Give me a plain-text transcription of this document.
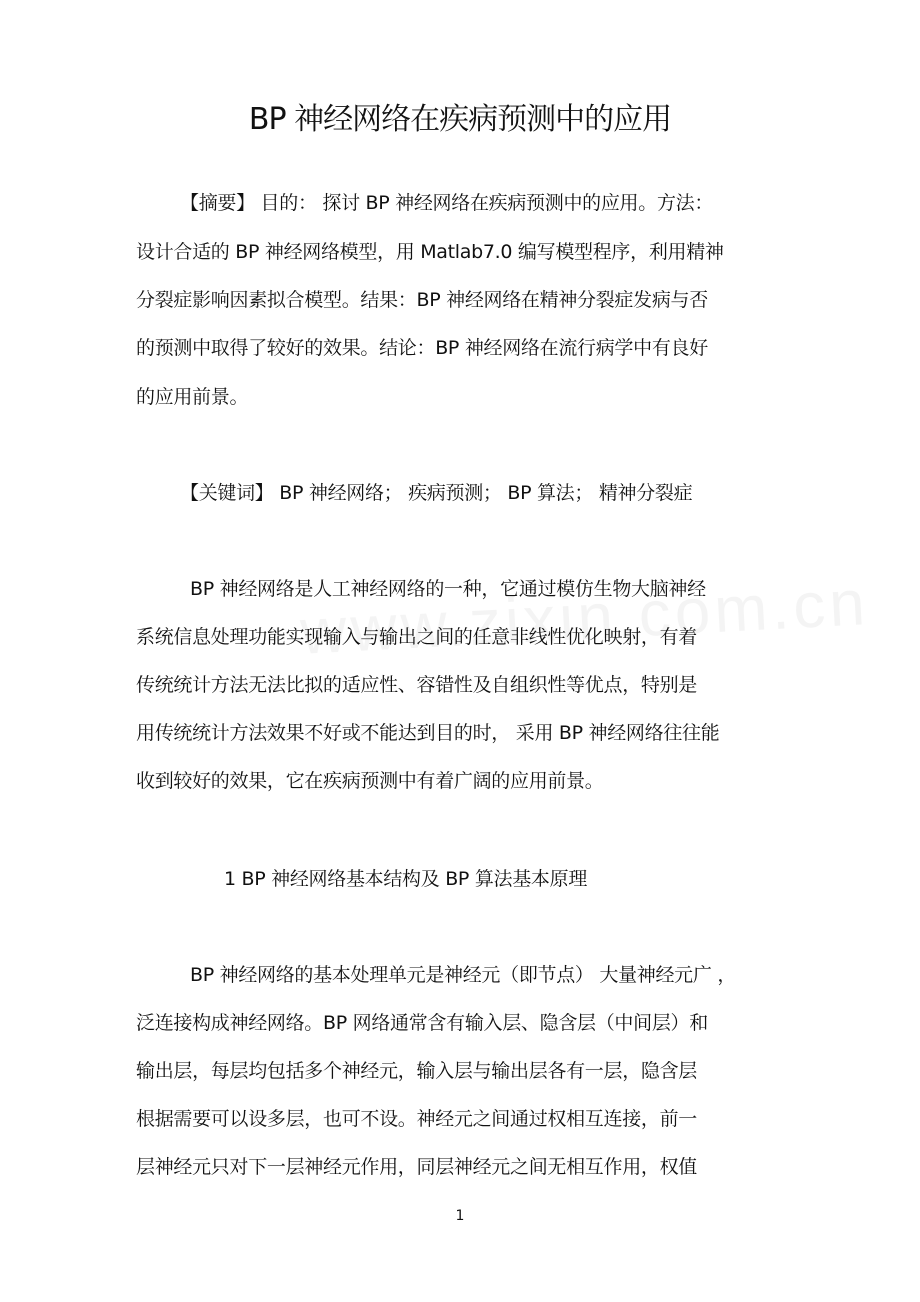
BP 神经网络在疾病预测中的应用
【摘要】 目的： 探讨 BP 神经网络在疾病预测中的应用。方法：
设计合适的 BP 神经网络模型，用 Matlab7.0 编写模型程序，利用精神
分裂症影响因素拟合模型。结果：BP 神经网络在精神分裂症发病与否
的预测中取得了较好的效果。结论：BP 神经网络在流行病学中有良好
的应用前景。
【关键词】 BP 神经网络； 疾病预测； BP 算法； 精神分裂症
BP 神经网络是人工神经网络的一种，它通过模仿生物大脑神经
系统信息处理功能实现输入与输出之间的任意非线性优化映射，有着
传统统计方法无法比拟的适应性、容错性及自组织性等优点，特别是
用传统统计方法效果不好或不能达到目的时， 采用 BP 神经网络往往能
收到较好的效果，它在疾病预测中有着广阔的应用前景。
1 BP 神经网络基本结构及 BP 算法基本原理
BP 神经网络的基本处理单元是神经元（即节点） 大量神经元广 ，
泛连接构成神经网络。BP 网络通常含有输入层、隐含层（中间层）和
输出层，每层均包括多个神经元，输入层与输出层各有一层，隐含层
根据需要可以设多层，也可不设。神经元之间通过权相互连接，前一
层神经元只对下一层神经元作用，同层神经元之间无相互作用，权值
1
